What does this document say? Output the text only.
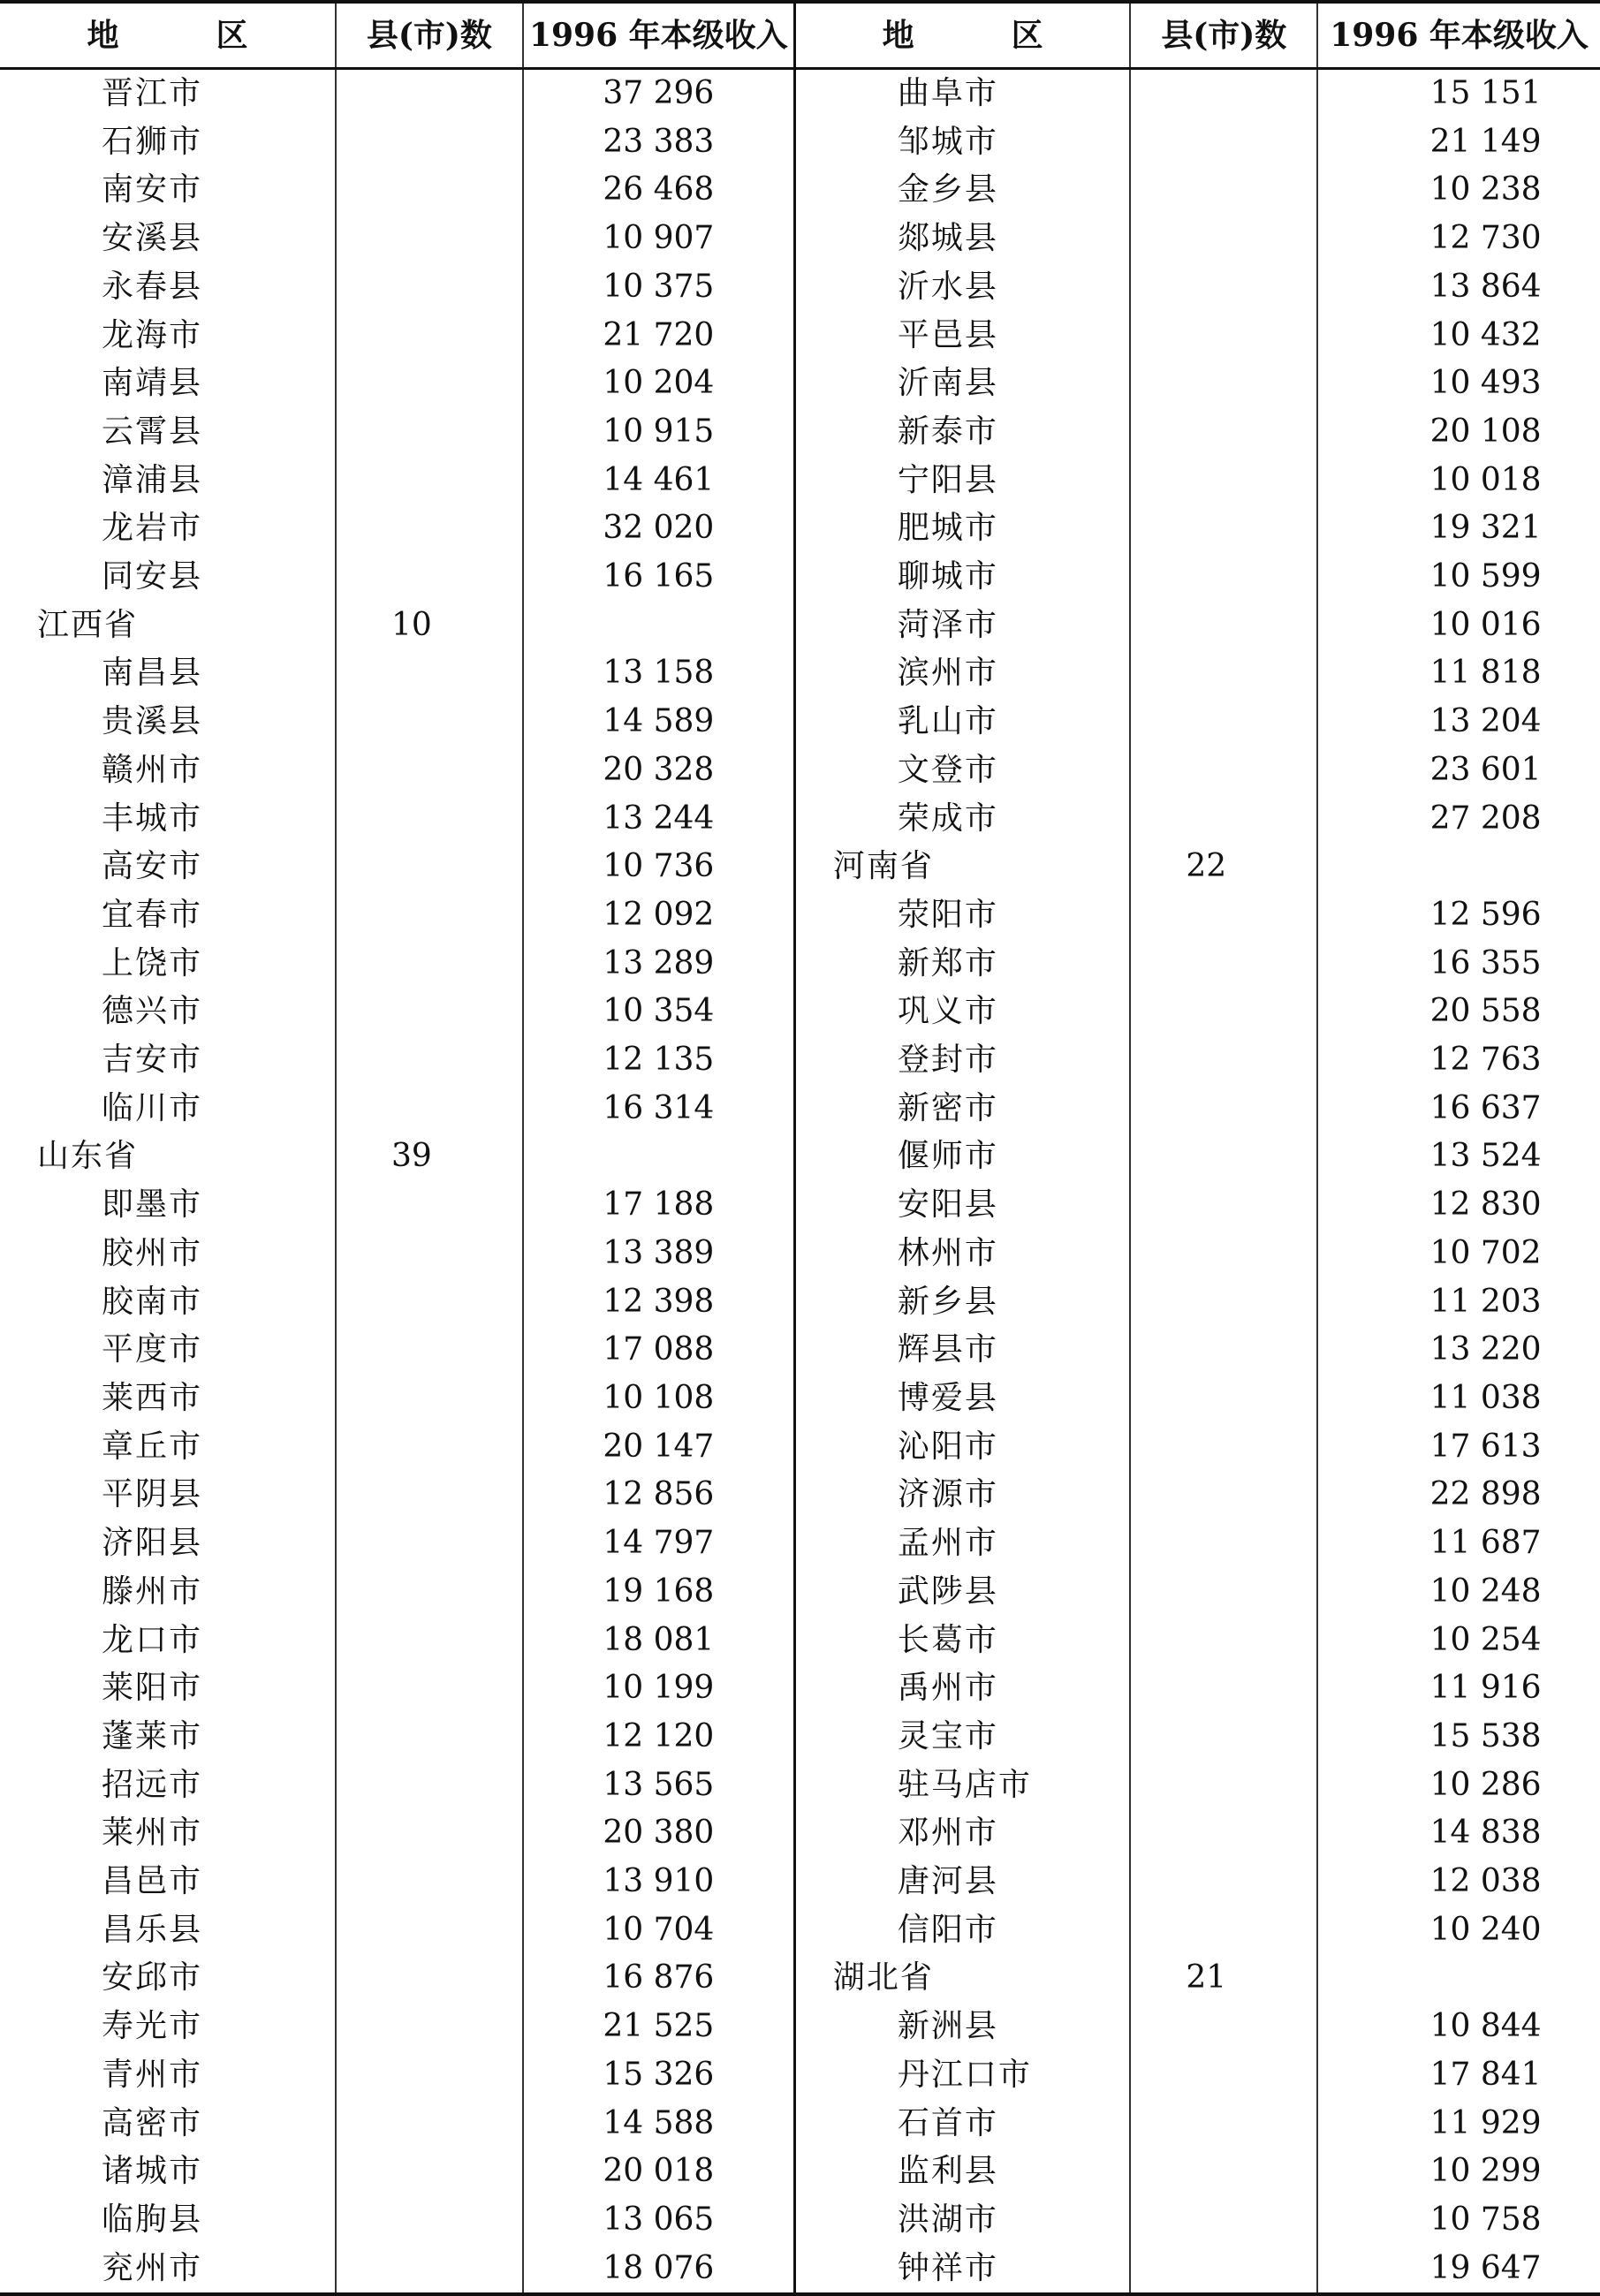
地 区	县(市)数	1996 年本级收入	地 区	县(市)数	1996 年本级收入
晋江市		37 296	曲阜市		15 151
石狮市		23 383	邹城市		21 149
南安市		26 468	金乡县		10 238
安溪县		10 907	郯城县		12 730
永春县		10 375	沂水县		13 864
龙海市		21 720	平邑县		10 432
南靖县		10 204	沂南县		10 493
云霄县		10 915	新泰市		20 108
漳浦县		14 461	宁阳县		10 018
龙岩市		32 020	肥城市		19 321
同安县		16 165	聊城市		10 599
江西省	10		菏泽市		10 016
南昌县		13 158	滨州市		11 818
贵溪县		14 589	乳山市		13 204
赣州市		20 328	文登市		23 601
丰城市		13 244	荣成市		27 208
高安市		10 736	河南省	22	
宜春市		12 092	荥阳市		12 596
上饶市		13 289	新郑市		16 355
德兴市		10 354	巩义市		20 558
吉安市		12 135	登封市		12 763
临川市		16 314	新密市		16 637
山东省	39		偃师市		13 524
即墨市		17 188	安阳县		12 830
胶州市		13 389	林州市		10 702
胶南市		12 398	新乡县		11 203
平度市		17 088	辉县市		13 220
莱西市		10 108	博爱县		11 038
章丘市		20 147	沁阳市		17 613
平阴县		12 856	济源市		22 898
济阳县		14 797	孟州市		11 687
滕州市		19 168	武陟县		10 248
龙口市		18 081	长葛市		10 254
莱阳市		10 199	禹州市		11 916
蓬莱市		12 120	灵宝市		15 538
招远市		13 565	驻马店市		10 286
莱州市		20 380	邓州市		14 838
昌邑市		13 910	唐河县		12 038
昌乐县		10 704	信阳市		10 240
安邱市		16 876	湖北省	21	
寿光市		21 525	新洲县		10 844
青州市		15 326	丹江口市		17 841
高密市		14 588	石首市		11 929
诸城市		20 018	监利县		10 299
临朐县		13 065	洪湖市		10 758
兖州市		18 076	钟祥市		19 647
